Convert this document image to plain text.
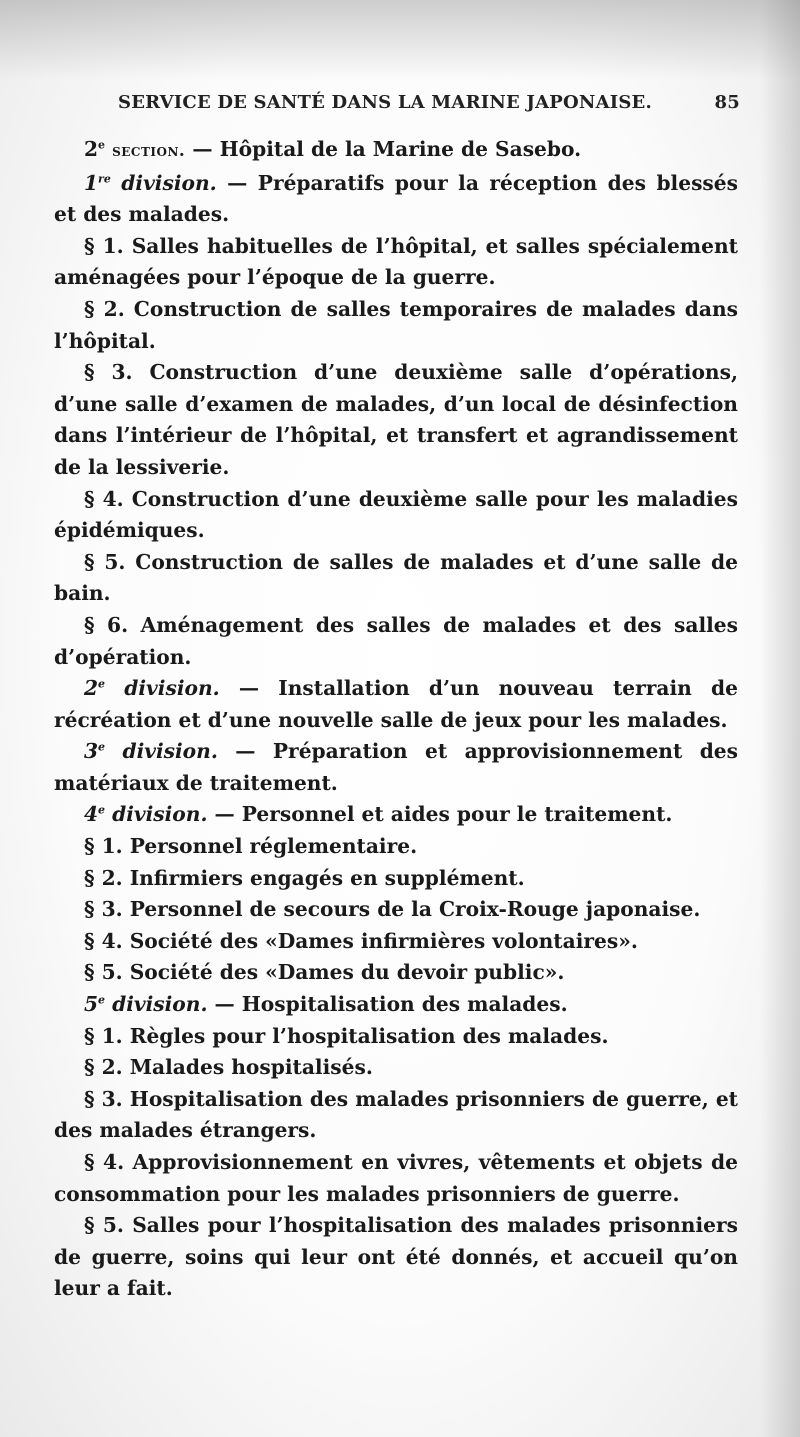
SERVICE DE SANTÉ DANS LA MARINE JAPONAISE.	85

2e section. — Hôpital de la Marine de Sasebo.

1re division. — Préparatifs pour la réception des blessés et des malades.

§ 1. Salles habituelles de l’hôpital, et salles spécialement aménagées pour l’époque de la guerre.

§ 2. Construction de salles temporaires de malades dans l’hôpital.

§ 3. Construction d’une deuxième salle d’opérations, d’une salle d’examen de malades, d’un local de désinfection dans l’intérieur de l’hôpital, et transfert et agrandissement de la lessiverie.

§ 4. Construction d’une deuxième salle pour les maladies épidémiques.

§ 5. Construction de salles de malades et d’une salle de bain.

§ 6. Aménagement des salles de malades et des salles d’opération.

2e division. — Installation d’un nouveau terrain de récréation et d’une nouvelle salle de jeux pour les malades.

3e division. — Préparation et approvisionnement des matériaux de traitement.

4e division. — Personnel et aides pour le traitement.

§ 1. Personnel réglementaire.

§ 2. Infirmiers engagés en supplément.

§ 3. Personnel de secours de la Croix-Rouge japonaise.

§ 4. Société des «Dames infirmières volontaires».

§ 5. Société des «Dames du devoir public».

5e division. — Hospitalisation des malades.

§ 1. Règles pour l’hospitalisation des malades.

§ 2. Malades hospitalisés.

§ 3. Hospitalisation des malades prisonniers de guerre, et des malades étrangers.

§ 4. Approvisionnement en vivres, vêtements et objets de consommation pour les malades prisonniers de guerre.

§ 5. Salles pour l’hospitalisation des malades prisonniers de guerre, soins qui leur ont été donnés, et accueil qu’on leur a fait.
